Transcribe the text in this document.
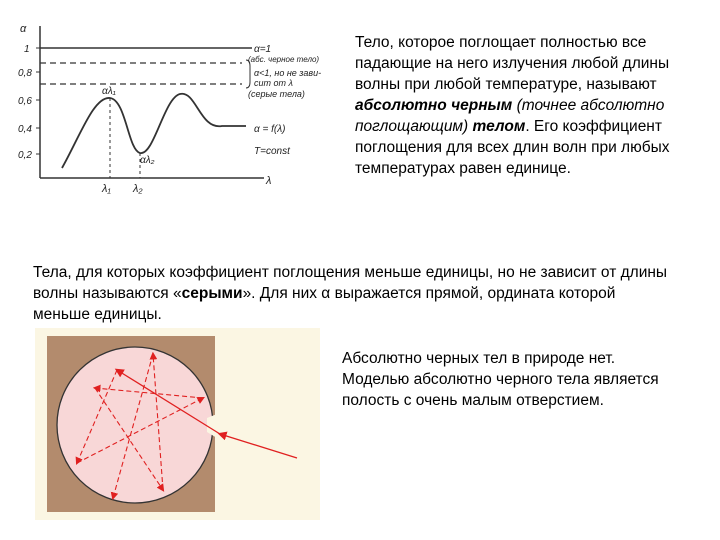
α
λ
1
0,8
0,6
0,4
0,2
αλ₁
αλ₂
λ₁ λ₂
α=1
(абс. черное тело)
α<1, но не зави-
сит от λ
(серые тела)
α = f(λ)
T=const
Тело, которое поглощает полностью все падающие на него излучения любой длины волны при любой температуре, называют абсолютно черным (точнее абсолютно поглощающим) телом. Его коэффициент поглощения для всех длин волн при любых температурах равен единице.
Тела, для которых коэффициент поглощения меньше единицы, но не зависит от длины волны называются «серыми». Для них α выражается прямой, ордината которой меньше единицы.
Абсолютно черных тел в природе нет. Моделью абсолютно черного тела является полость с очень малым отверстием.
